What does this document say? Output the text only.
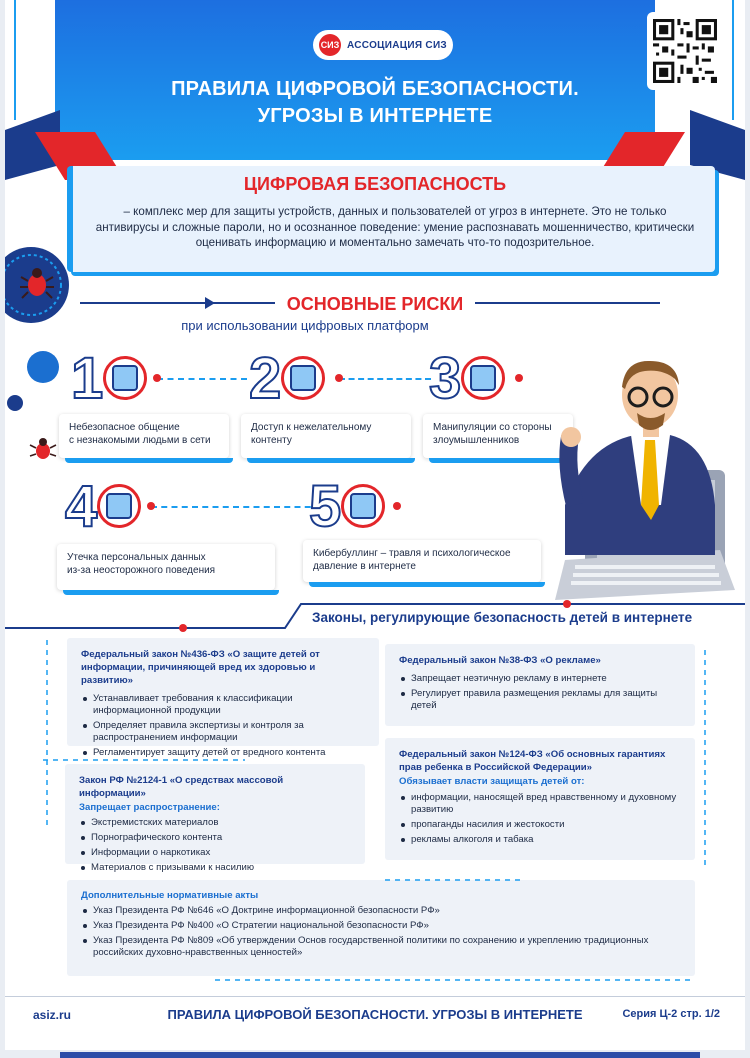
СИЗ АССОЦИАЦИЯ СИЗ
ПРАВИЛА ЦИФРОВОЙ БЕЗОПАСНОСТИ.
УГРОЗЫ В ИНТЕРНЕТЕ
ЦИФРОВАЯ БЕЗОПАСНОСТЬ
– комплекс мер для защиты устройств, данных и пользователей от угроз в интернете. Это не только антивирусы и сложные пароли, но и осознанное поведение: умение распознавать мошенничество, критически оценивать информацию и моментально замечать что-то подозрительное.
ОСНОВНЫЕ РИСКИ
при использовании цифровых платформ
1
Небезопасное общение
с незнакомыми людьми в сети
2
Доступ к нежелательному
контенту
3
Манипуляции со стороны
злоумышленников
4
Утечка персональных данных
из-за неосторожного поведения
5
Кибербуллинг – травля и психологическое
давление в интернете
Законы, регулирующие безопасность детей в интернете
Федеральный закон №436-ФЗ «О защите детей от информации, причиняющей вред их здоровью и развитию»
Устанавливает требования к классификации информационной продукции
Определяет правила экспертизы и контроля за распространением информации
Регламентирует защиту детей от вредного контента
Федеральный закон №38-ФЗ «О рекламе»
Запрещает неэтичную рекламу в интернете
Регулирует правила размещения рекламы для защиты детей
Закон РФ №2124-1 «О средствах массовой информации»
Запрещает распространение:
Экстремистских материалов
Порнографического контента
Информации о наркотиках
Материалов с призывами к насилию
Федеральный закон №124-ФЗ «Об основных гарантиях прав ребенка в Российской Федерации»
Обязывает власти защищать детей от:
информации, наносящей вред нравственному и духовному развитию
пропаганды насилия и жестокости
рекламы алкоголя и табака
Дополнительные нормативные акты
Указ Президента РФ №646 «О Доктрине информационной безопасности РФ»
Указ Президента РФ №400 «О Стратегии национальной безопасности РФ»
Указ Президента РФ №809 «Об утверждении Основ государственной политики по сохранению и укреплению традиционных российских духовно-нравственных ценностей»
asiz.ru	ПРАВИЛА ЦИФРОВОЙ БЕЗОПАСНОСТИ. УГРОЗЫ В ИНТЕРНЕТЕ	Серия Ц-2 стр. 1/2
